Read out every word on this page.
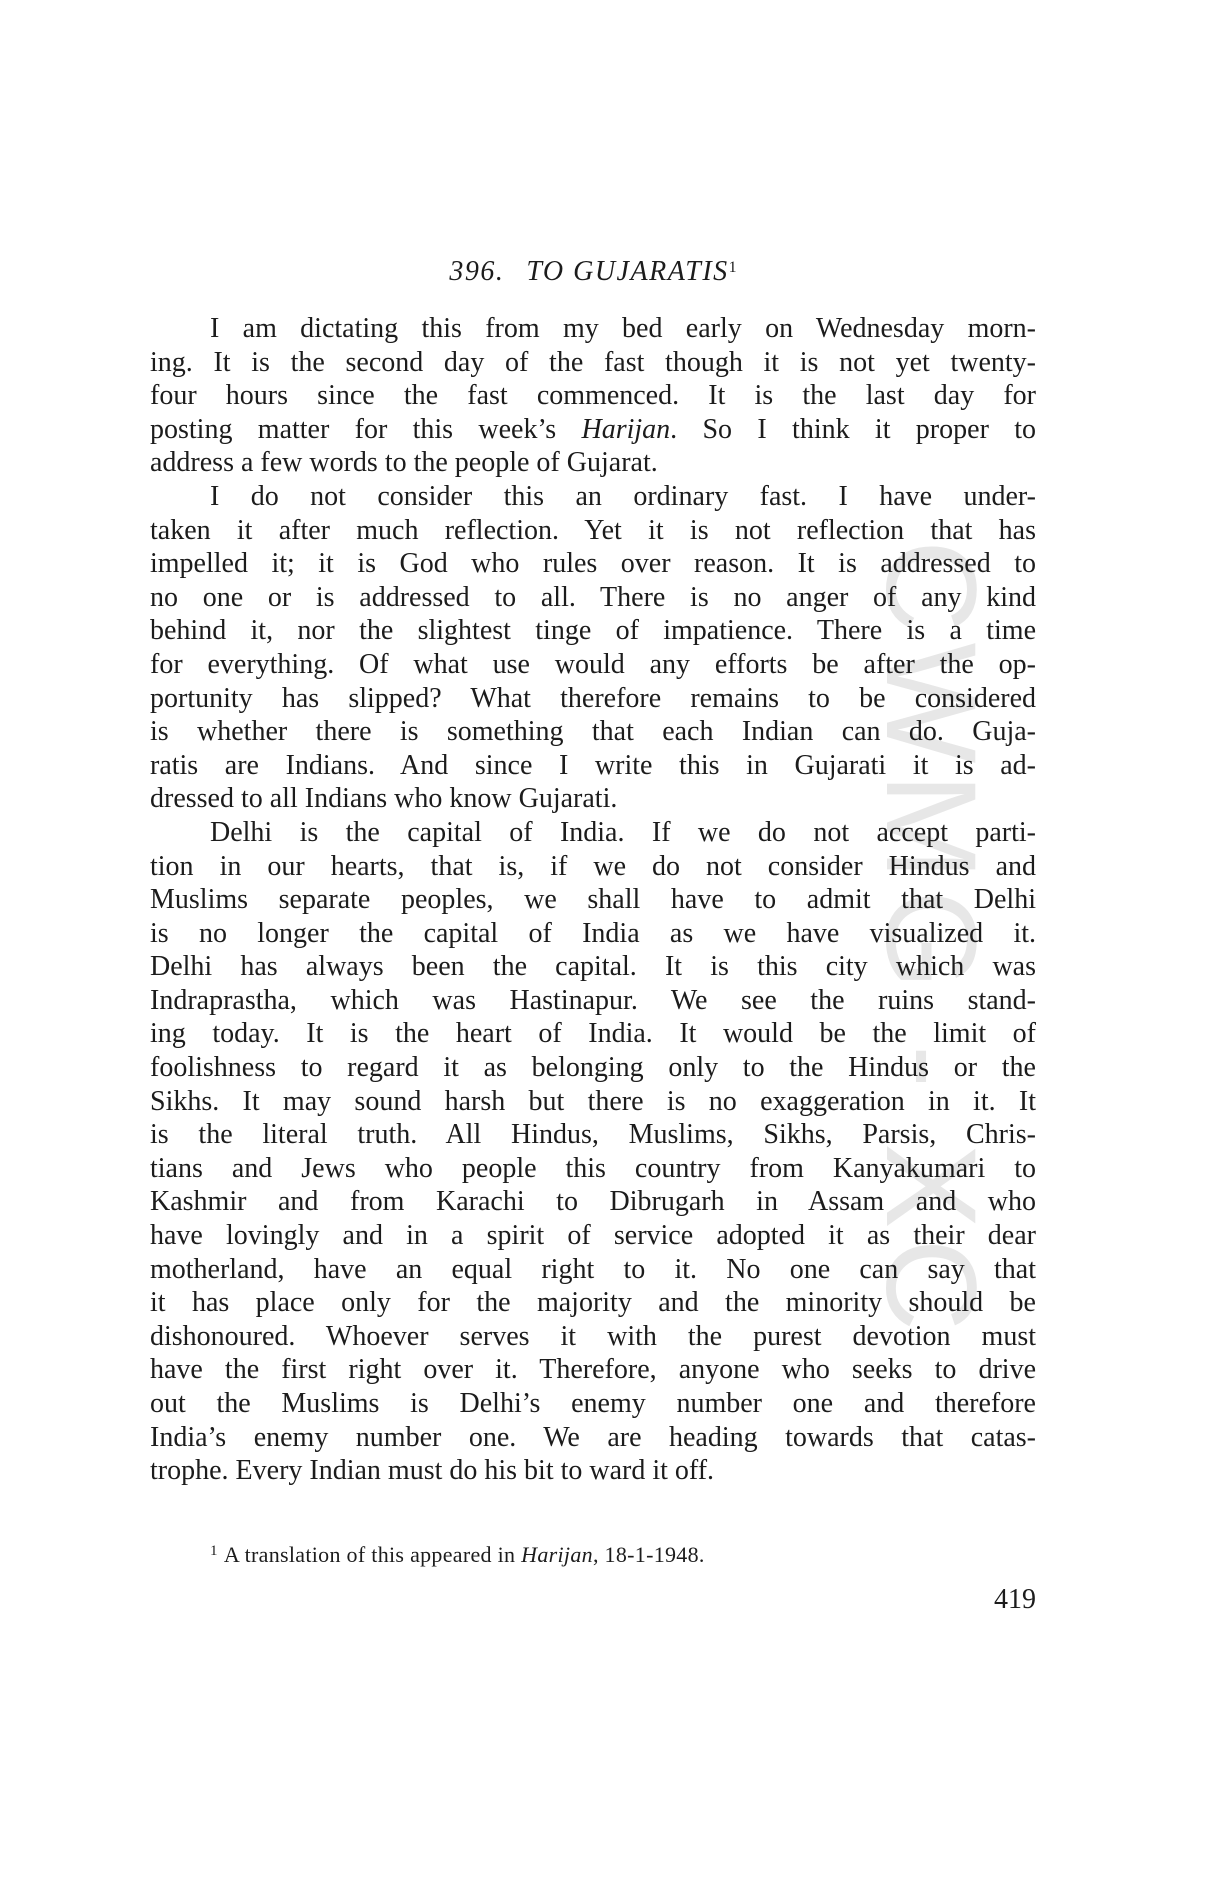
CWMG - XC
396. TO GUJARATIS$^1$
I am dictating this from my bed early on Wednesday morn-
ing. It is the second day of the fast though it is not yet twenty-
four hours since the fast commenced. It is the last day for
posting matter for this week’s Harijan. So I think it proper to
address a few words to the people of Gujarat.
I do not consider this an ordinary fast. I have under-
taken it after much reflection. Yet it is not reflection that has
impelled it; it is God who rules over reason. It is addressed to
no one or is addressed to all. There is no anger of any kind
behind it, nor the slightest tinge of impatience. There is a time
for everything. Of what use would any efforts be after the op-
portunity has slipped? What therefore remains to be considered
is whether there is something that each Indian can do. Guja-
ratis are Indians. And since I write this in Gujarati it is ad-
dressed to all Indians who know Gujarati.
Delhi is the capital of India. If we do not accept parti-
tion in our hearts, that is, if we do not consider Hindus and
Muslims separate peoples, we shall have to admit that Delhi
is no longer the capital of India as we have visualized it.
Delhi has always been the capital. It is this city which was
Indraprastha, which was Hastinapur. We see the ruins stand-
ing today. It is the heart of India. It would be the limit of
foolishness to regard it as belonging only to the Hindus or the
Sikhs. It may sound harsh but there is no exaggeration in it. It
is the literal truth. All Hindus, Muslims, Sikhs, Parsis, Chris-
tians and Jews who people this country from Kanyakumari to
Kashmir and from Karachi to Dibrugarh in Assam and who
have lovingly and in a spirit of service adopted it as their dear
motherland, have an equal right to it. No one can say that
it has place only for the majority and the minority should be
dishonoured. Whoever serves it with the purest devotion must
have the first right over it. Therefore, anyone who seeks to drive
out the Muslims is Delhi’s enemy number one and therefore
India’s enemy number one. We are heading towards that catas-
trophe. Every Indian must do his bit to ward it off.
$^1$ A translation of this appeared in Harijan, 18-1-1948.
419
